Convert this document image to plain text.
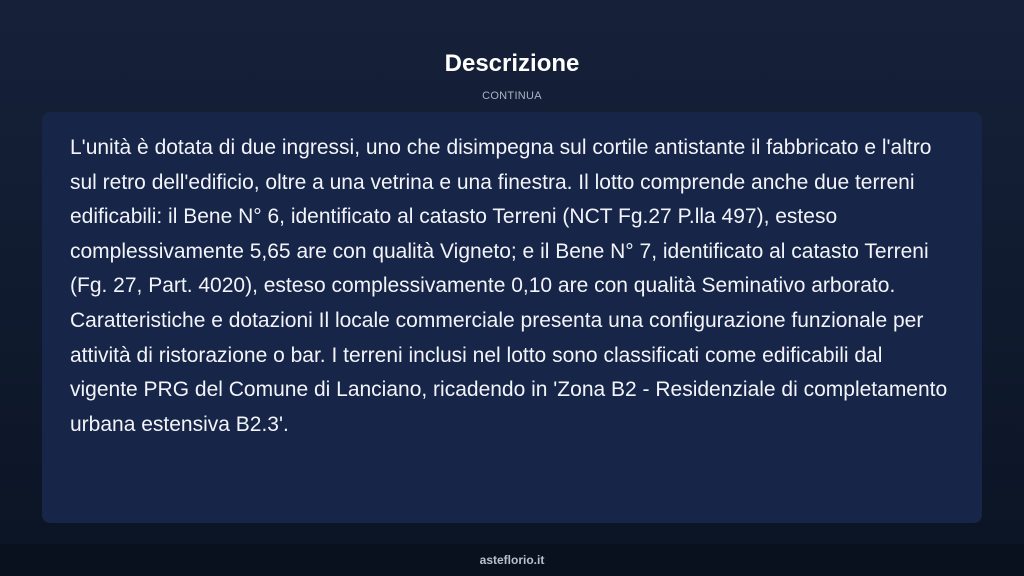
Descrizione
CONTINUA

L'unità è dotata di due ingressi, uno che disimpegna sul cortile antistante il fabbricato e l'altro sul retro dell'edificio, oltre a una vetrina e una finestra. Il lotto comprende anche due terreni edificabili: il Bene N° 6, identificato al catasto Terreni (NCT Fg.27 P.lla 497), esteso complessivamente 5,65 are con qualità Vigneto; e il Bene N° 7, identificato al catasto Terreni (Fg. 27, Part. 4020), esteso complessivamente 0,10 are con qualità Seminativo arborato. Caratteristiche e dotazioni Il locale commerciale presenta una configurazione funzionale per attività di ristorazione o bar. I terreni inclusi nel lotto sono classificati come edificabili dal vigente PRG del Comune di Lanciano, ricadendo in 'Zona B2 - Residenziale di completamento urbana estensiva B2.3'.

asteflorio.it
